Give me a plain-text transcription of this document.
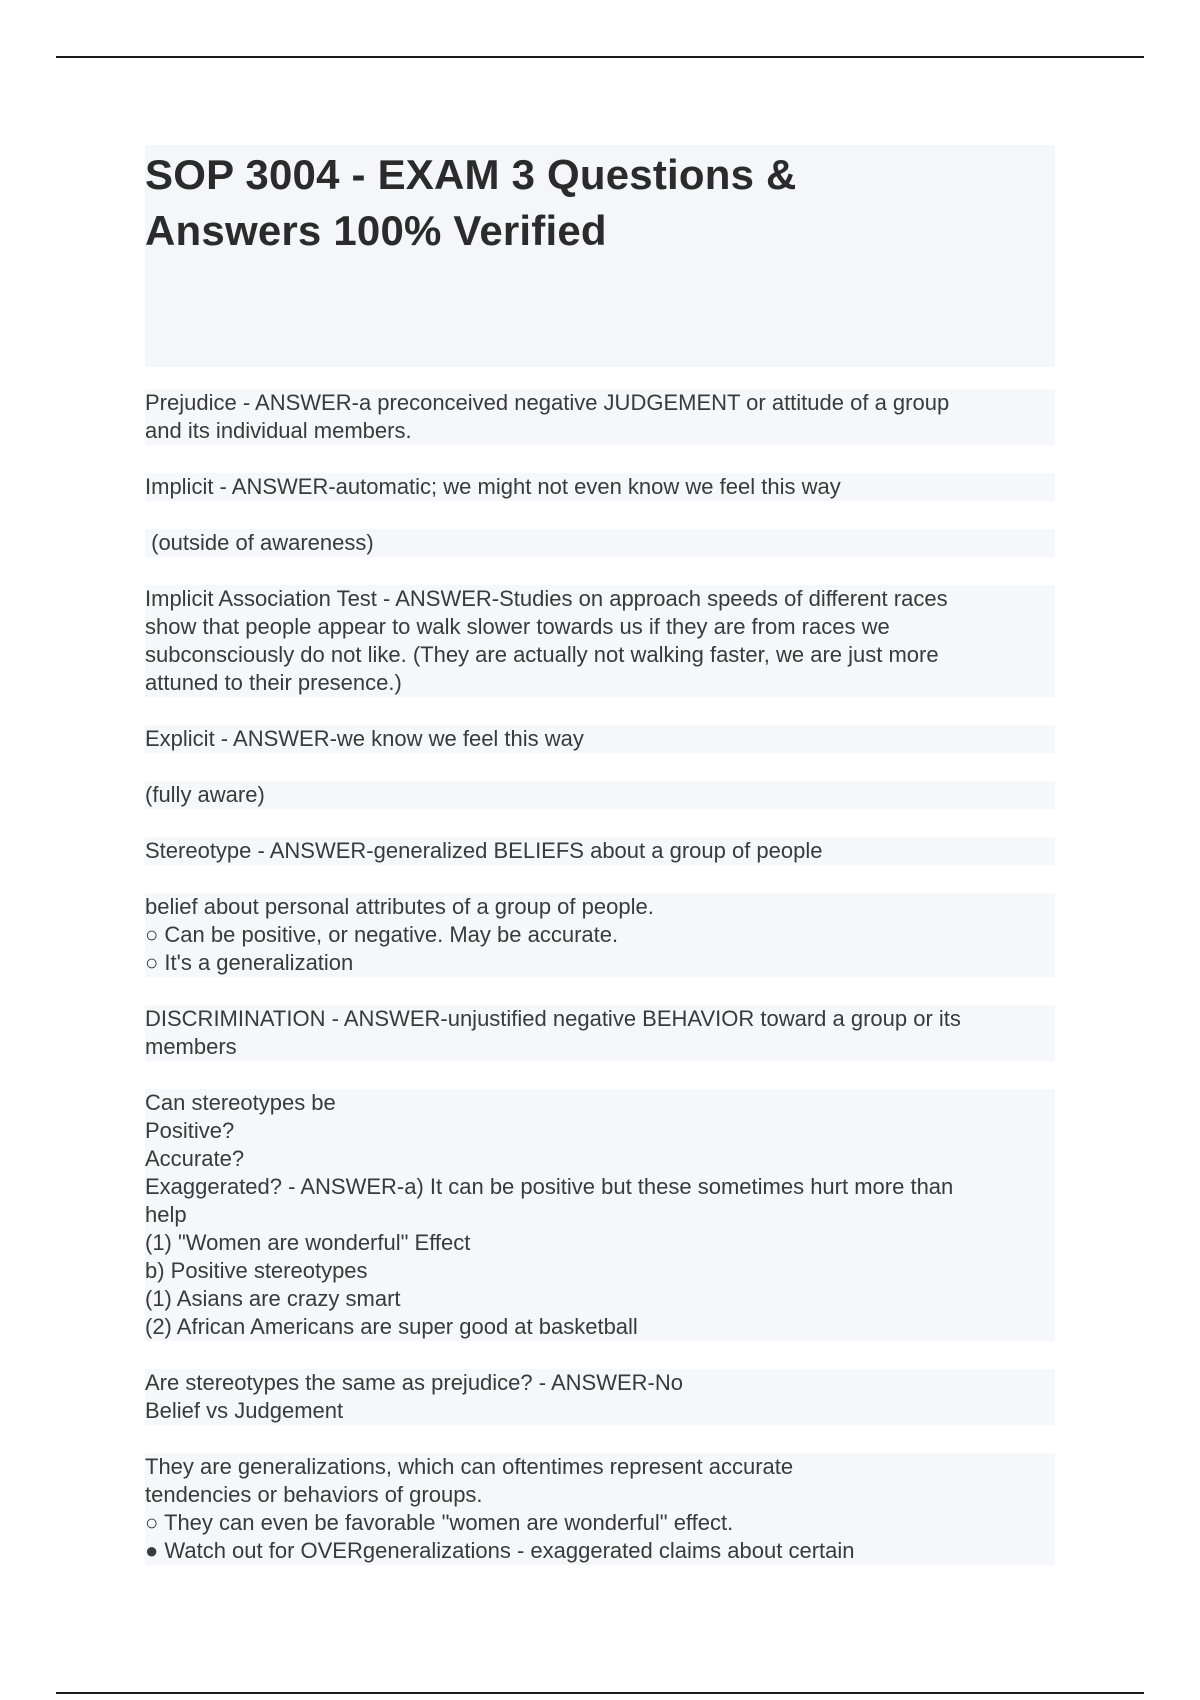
SOP 3004 - EXAM 3 Questions &
Answers 100% Verified
Prejudice - ANSWER-a preconceived negative JUDGEMENT or attitude of a group
and its individual members.
Implicit - ANSWER-automatic; we might not even know we feel this way
(outside of awareness)
Implicit Association Test - ANSWER-Studies on approach speeds of different races
show that people appear to walk slower towards us if they are from races we
subconsciously do not like. (They are actually not walking faster, we are just more
attuned to their presence.)
Explicit - ANSWER-we know we feel this way
(fully aware)
Stereotype - ANSWER-generalized BELIEFS about a group of people
belief about personal attributes of a group of people.
○ Can be positive, or negative. May be accurate.
○ It's a generalization
DISCRIMINATION - ANSWER-unjustified negative BEHAVIOR toward a group or its
members
Can stereotypes be
Positive?
Accurate?
Exaggerated? - ANSWER-a) It can be positive but these sometimes hurt more than
help
(1) "Women are wonderful" Effect
b) Positive stereotypes
(1) Asians are crazy smart
(2) African Americans are super good at basketball
Are stereotypes the same as prejudice? - ANSWER-No
Belief vs Judgement
They are generalizations, which can oftentimes represent accurate
tendencies or behaviors of groups.
○ They can even be favorable "women are wonderful" effect.
● Watch out for OVERgeneralizations - exaggerated claims about certain
